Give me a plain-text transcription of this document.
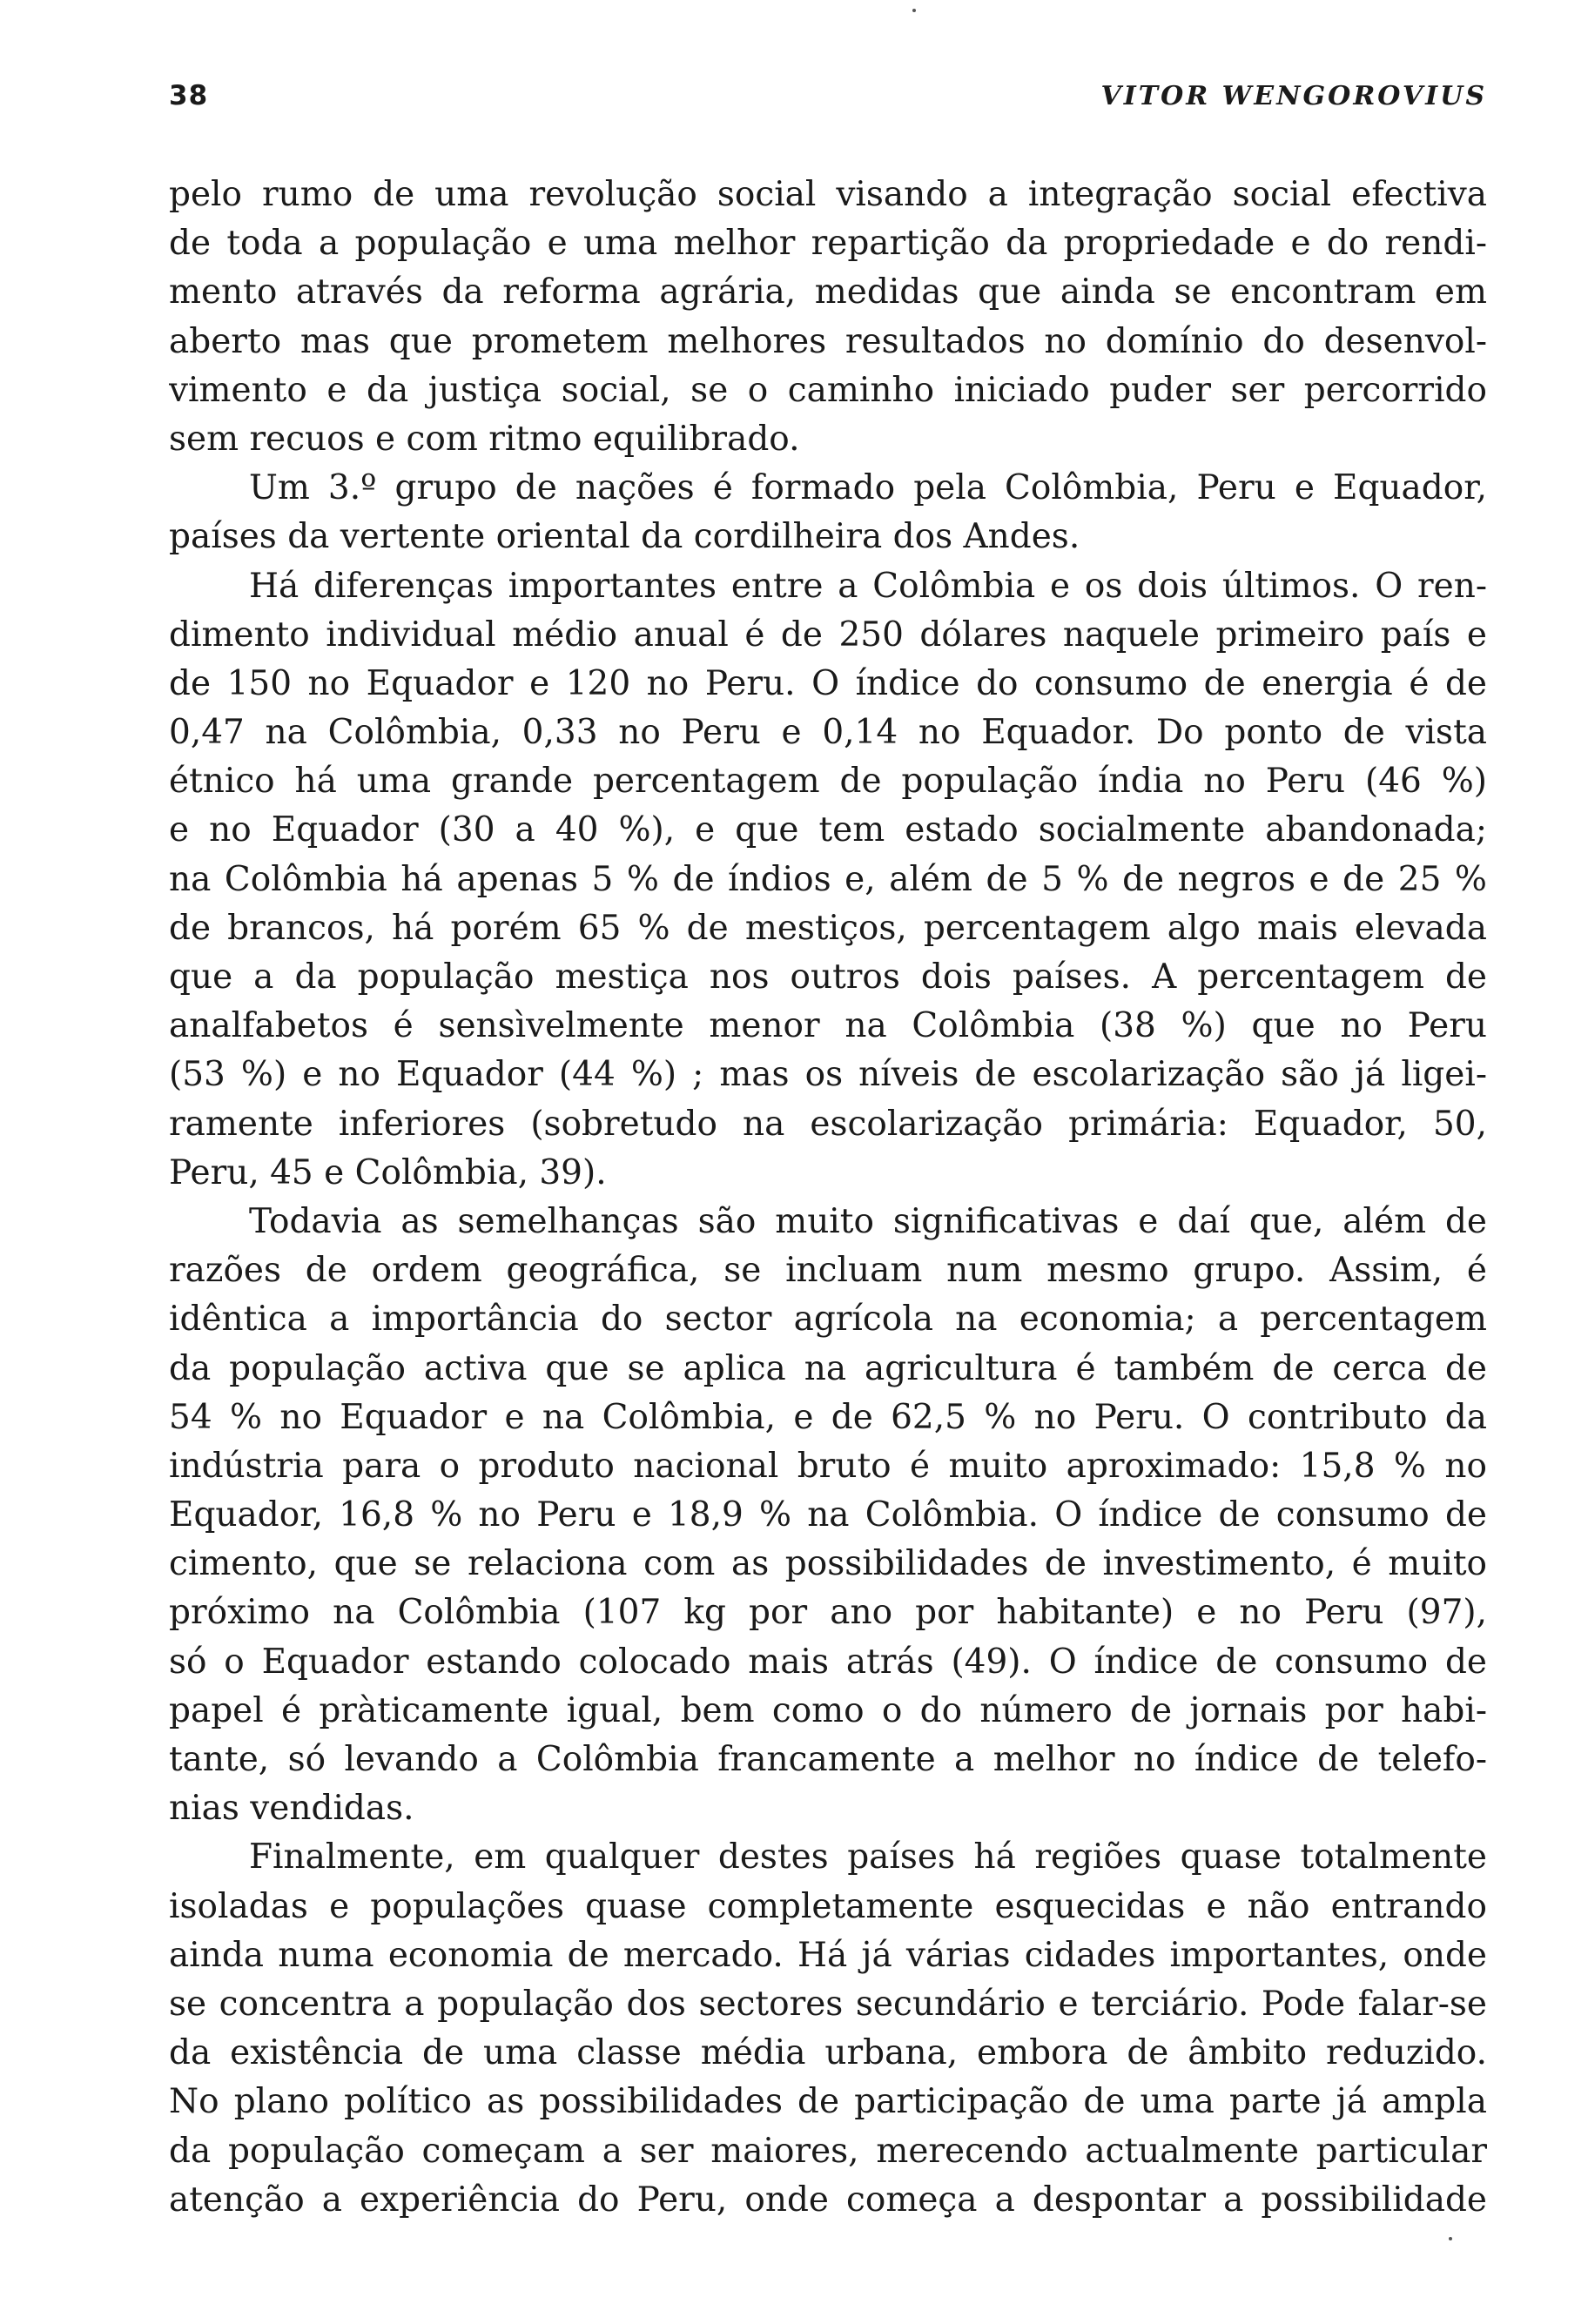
38	VITOR WENGOROVIUS
pelo rumo de uma revolução social visando a integração social efectiva
de toda a população e uma melhor repartição da propriedade e do rendi-
mento através da reforma agrária, medidas que ainda se encontram em
aberto mas que prometem melhores resultados no domínio do desenvol-
vimento e da justiça social, se o caminho iniciado puder ser percorrido
sem recuos e com ritmo equilibrado.
Um 3.º grupo de nações é formado pela Colômbia, Peru e Equador,
países da vertente oriental da cordilheira dos Andes.
Há diferenças importantes entre a Colômbia e os dois últimos. O ren-
dimento individual médio anual é de 250 dólares naquele primeiro país e
de 150 no Equador e 120 no Peru. O índice do consumo de energia é de
0,47 na Colômbia, 0,33 no Peru e 0,14 no Equador. Do ponto de vista
étnico há uma grande percentagem de população índia no Peru (46 %)
e no Equador (30 a 40 %), e que tem estado socialmente abandonada;
na Colômbia há apenas 5 % de índios e, além de 5 % de negros e de 25 %
de brancos, há porém 65 % de mestiços, percentagem algo mais elevada
que a da população mestiça nos outros dois países. A percentagem de
analfabetos é sensìvelmente menor na Colômbia (38 %) que no Peru
(53 %) e no Equador (44 %) ; mas os níveis de escolarização são já ligei-
ramente inferiores (sobretudo na escolarização primária: Equador, 50,
Peru, 45 e Colômbia, 39).
Todavia as semelhanças são muito significativas e daí que, além de
razões de ordem geográfica, se incluam num mesmo grupo. Assim, é
idêntica a importância do sector agrícola na economia; a percentagem
da população activa que se aplica na agricultura é também de cerca de
54 % no Equador e na Colômbia, e de 62,5 % no Peru. O contributo da
indústria para o produto nacional bruto é muito aproximado: 15,8 % no
Equador, 16,8 % no Peru e 18,9 % na Colômbia. O índice de consumo de
cimento, que se relaciona com as possibilidades de investimento, é muito
próximo na Colômbia (107 kg por ano por habitante) e no Peru (97),
só o Equador estando colocado mais atrás (49). O índice de consumo de
papel é pràticamente igual, bem como o do número de jornais por habi-
tante, só levando a Colômbia francamente a melhor no índice de telefo-
nias vendidas.
Finalmente, em qualquer destes países há regiões quase totalmente
isoladas e populações quase completamente esquecidas e não entrando
ainda numa economia de mercado. Há já várias cidades importantes, onde
se concentra a população dos sectores secundário e terciário. Pode falar-se
da existência de uma classe média urbana, embora de âmbito reduzido.
No plano político as possibilidades de participação de uma parte já ampla
da população começam a ser maiores, merecendo actualmente particular
atenção a experiência do Peru, onde começa a despontar a possibilidade
